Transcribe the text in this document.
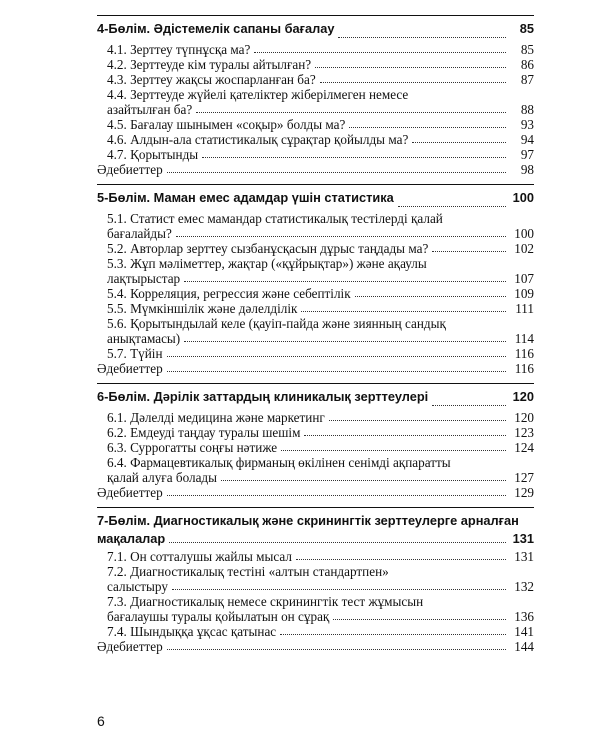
4-Бөлім. Әдістемелік сапаны бағалау	85
4.1. Зерттеу түпнұсқа ма?	85
4.2. Зерттеуде кім туралы айтылған?	86
4.3. Зерттеу жақсы жоспарланған ба?	87
4.4. Зерттеуде жүйелі қателіктер жіберілмеген немесе
азайтылған ба?	88
4.5. Бағалау шынымен «соқыр» болды ма?	93
4.6. Алдын-ала статистикалық сұрақтар қойылды ма?	94
4.7. Қорытынды	97
Әдебиеттер	98
5-Бөлім. Маман емес адамдар үшін статистика	100
5.1. Статист емес мамандар статистикалық тестілерді қалай
бағалайды?	100
5.2. Авторлар зерттеу сызбанұсқасын дұрыс таңдады ма?	102
5.3. Жұп мәліметтер, жақтар («құйрықтар») және ақаулы
лақтырыстар	107
5.4. Корреляция, регрессия және себептілік	109
5.5. Мүмкіншілік және дәлелділік	111
5.6. Қорытындылай келе (қауіп-пайда және зиянның сандық
анықтамасы)	114
5.7. Түйін	116
Әдебиеттер	116
6-Бөлім. Дәрілік заттардың клиникалық зерттеулері	120
6.1. Дәлелді медицина және маркетинг	120
6.2. Емдеуді таңдау туралы шешім	123
6.3. Суррогатты соңғы нәтиже	124
6.4. Фармацевтикалық фирманың өкілінен сенімді ақпаратты
қалай алуға болады	127
Әдебиеттер	129
7-Бөлім. Диагностикалық және скринингтік зерттеулерге арналған
мақалалар	131
7.1. Он сотталушы жайлы мысал	131
7.2. Диагностикалық тестіні «алтын стандартпен»
салыстыру	132
7.3. Диагностикалық немесе скринингтік тест жұмысын
бағалаушы туралы қойылатын он сұрақ	136
7.4. Шындыққа ұқсас қатынас	141
Әдебиеттер	144
6
